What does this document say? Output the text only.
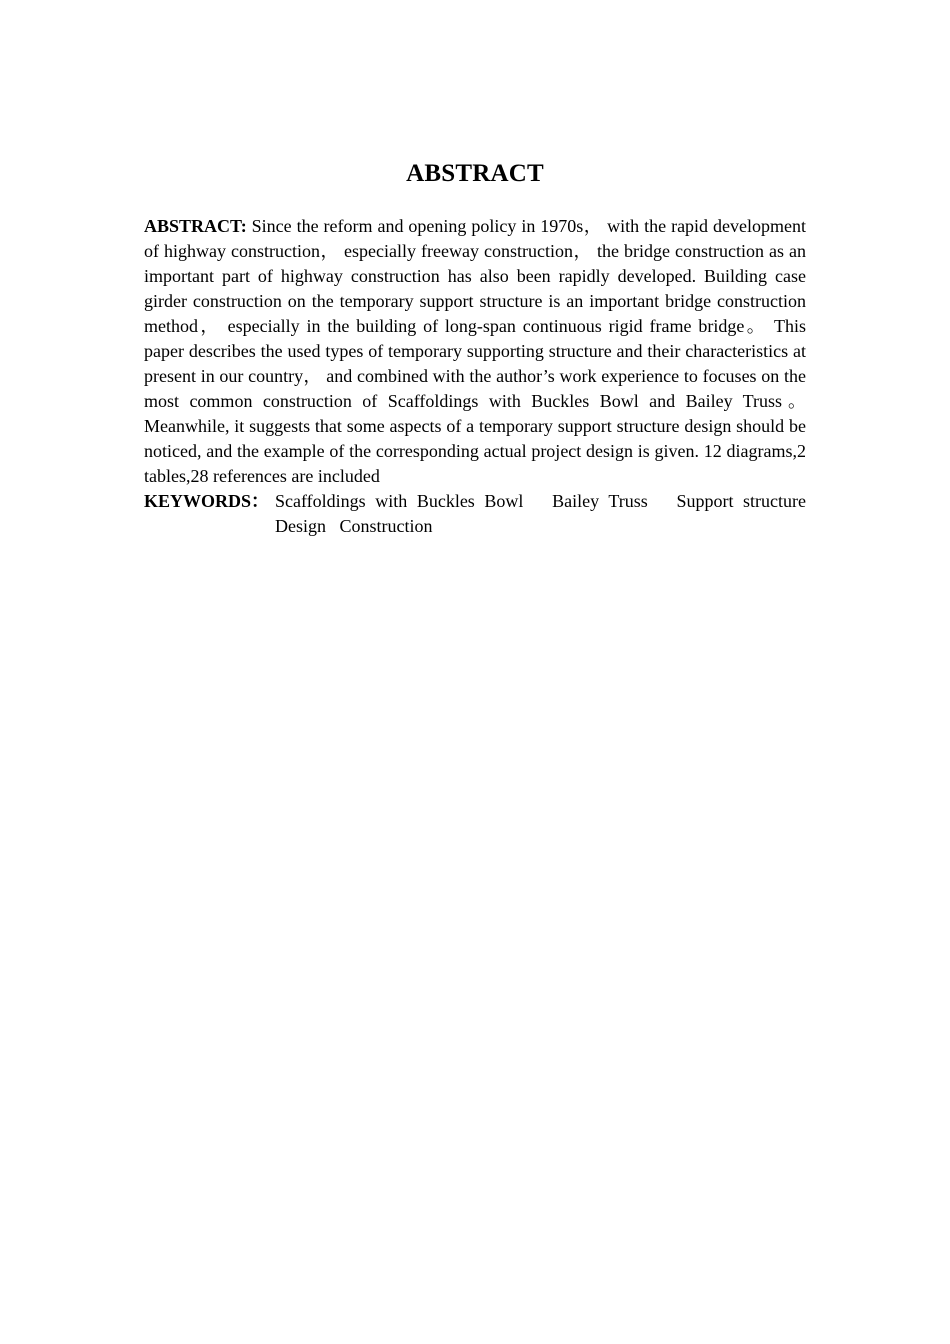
ABSTRACT

ABSTRACT: Since the reform and opening policy in 1970s， with the rapid development of highway construction， especially freeway construction， the bridge construction as an important part of highway construction has also been rapidly developed. Building case girder construction on the temporary support structure is an important bridge construction method， especially in the building of long-span continuous rigid frame bridge。 This paper describes the used types of temporary supporting structure and their characteristics at present in our country， and combined with the author’s work experience to focuses on the most common construction of Scaffoldings with Buckles Bowl and Bailey Truss。 Meanwhile, it suggests that some aspects of a temporary support structure design should be noticed, and the example of the corresponding actual project design is given. 12 diagrams,2 tables,28 references are included

KEYWORDS： Scaffoldings with Buckles Bowl   Bailey Truss   Support structure
Design   Construction
